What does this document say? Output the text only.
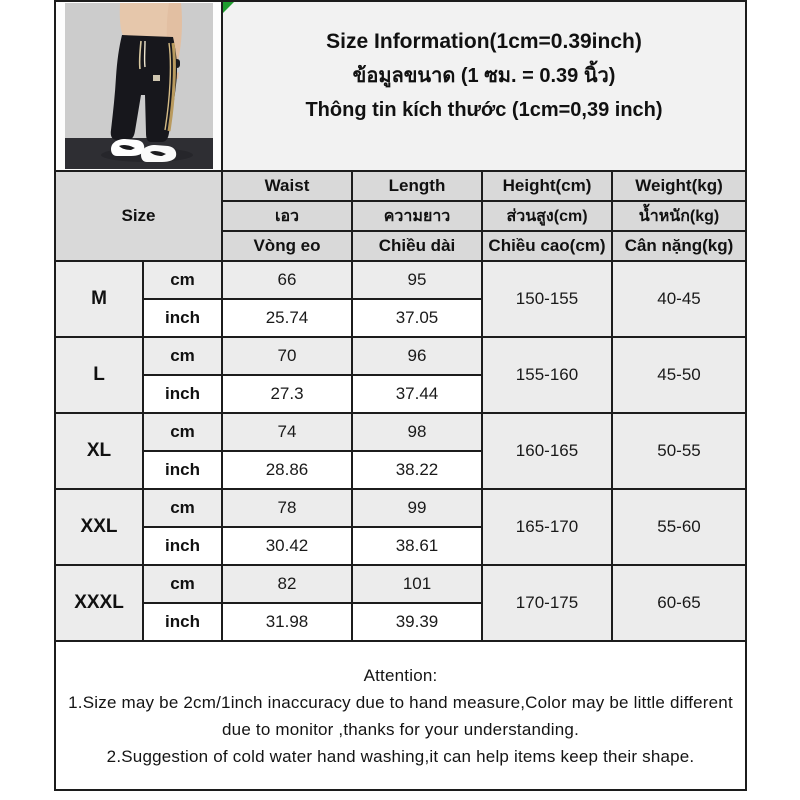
Size Information(1cm=0.39inch)
ข้อมูลขนาด (1 ซม. = 0.39 นิ้ว)
Thông tin kích thước (1cm=0,39 inch)			

Size		Waist	Length	Height(cm)	Weight(kg)
		เอว	ความยาว	ส่วนสูง(cm)	น้ำหนัก(kg)
		Vòng eo	Chiều dài	Chiều cao(cm)	Cân nặng(kg)
M	cm	66	95	150-155	40-45
	inch	25.74	37.05		
L	cm	70	96	155-160	45-50
	inch	27.3	37.44		
XL	cm	74	98	160-165	50-55
	inch	28.86	38.22		
XXL	cm	78	99	165-170	55-60
	inch	30.42	38.61		
XXXL	cm	82	101	170-175	60-65
	inch	31.98	39.39		

Attention:
1.Size may be 2cm/1inch inaccuracy due to hand measure,Color may be little different
due to monitor ,thanks for your understanding.
2.Suggestion of cold water hand washing,it can help items keep their shape.					
